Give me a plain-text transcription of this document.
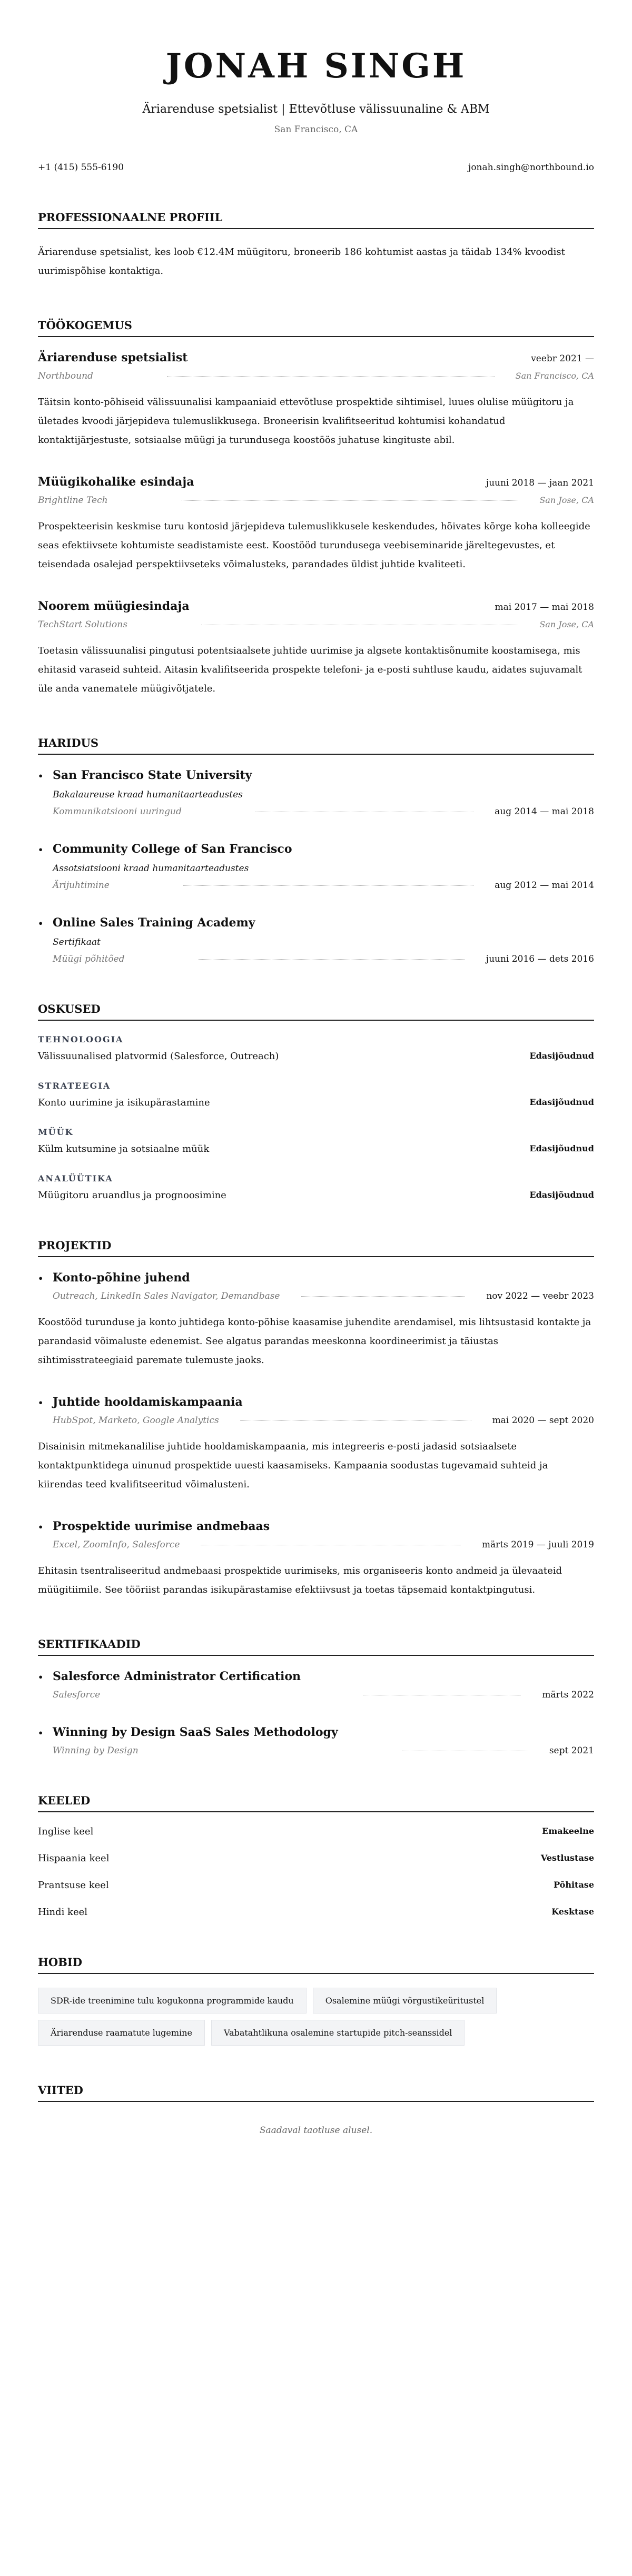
JONAH SINGH
Äriarenduse spetsialist | Ettevõtluse välissuunaline & ABM
San Francisco, CA
+1 (415) 555-6190	jonah.singh@northbound.io
PROFESSIONAALNE PROFIIL

Äriarenduse spetsialist, kes loob €12.4M müügitoru, broneerib 186 kohtumist aastas ja täidab 134% kvoodist uurimispõhise kontaktiga.

TÖÖKOGEMUS
Äriarenduse spetsialist	veebr 2021 —
Northbound	San Francisco, CA

Täitsin konto-põhiseid välissuunalisi kampaaniaid ettevõtluse prospektide sihtimisel, luues olulise müügitoru ja ületades kvoodi järjepideva tulemuslikkusega. Broneerisin kvalifitseeritud kohtumisi kohandatud kontaktijärjestuste, sotsiaalse müügi ja turundusega koostöös juhatuse kingituste abil.

Müügikohalike esindaja	juuni 2018 — jaan 2021
Brightline Tech	San Jose, CA

Prospekteerisin keskmise turu kontosid järjepideva tulemuslikkusele keskendudes, hõivates kõrge koha kolleegide seas efektiivsete kohtumiste seadistamiste eest. Koostööd turundusega veebiseminaride järeltegevustes, et teisendada osalejad perspektiivseteks võimalusteks, parandades üldist juhtide kvaliteeti.

Noorem müügiesindaja	mai 2017 — mai 2018
TechStart Solutions	San Jose, CA

Toetasin välissuunalisi pingutusi potentsiaalsete juhtide uurimise ja algsete kontaktisõnumite koostamisega, mis ehitasid varaseid suhteid. Aitasin kvalifitseerida prospekte telefoni- ja e-posti suhtluse kaudu, aidates sujuvamalt üle anda vanematele müügivõtjatele.

HARIDUS
• San Francisco State University
Bakalaureuse kraad humanitaarteadustes
Kommunikatsiooni uuringud	aug 2014 — mai 2018
• Community College of San Francisco
Assotsiatsiooni kraad humanitaarteadustes
Ärijuhtimine	aug 2012 — mai 2014
• Online Sales Training Academy
Sertifikaat
Müügi põhitõed	juuni 2016 — dets 2016
OSKUSED
TEHNOLOOGIA
Välissuunalised platvormid (Salesforce, Outreach)	Edasijõudnud
STRATEEGIA
Konto uurimine ja isikupärastamine	Edasijõudnud
MÜÜK
Külm kutsumine ja sotsiaalne müük	Edasijõudnud
ANALÜÜTIKA
Müügitoru aruandlus ja prognoosimine	Edasijõudnud
PROJEKTID
• Konto-põhine juhend
Outreach, LinkedIn Sales Navigator, Demandbase	nov 2022 — veebr 2023

Koostööd turunduse ja konto juhtidega konto-põhise kaasamise juhendite arendamisel, mis lihtsustasid kontakte ja parandasid võimaluste edenemist. See algatus parandas meeskonna koordineerimist ja täiustas sihtimisstrateegiaid paremate tulemuste jaoks.

• Juhtide hooldamiskampaania
HubSpot, Marketo, Google Analytics	mai 2020 — sept 2020

Disainisin mitmekanalilise juhtide hooldamiskampaania, mis integreeris e-posti jadasid sotsiaalsete kontaktpunktidega uinunud prospektide uuesti kaasamiseks. Kampaania soodustas tugevamaid suhteid ja kiirendas teed kvalifitseeritud võimalusteni.

• Prospektide uurimise andmebaas
Excel, ZoomInfo, Salesforce	märts 2019 — juuli 2019

Ehitasin tsentraliseeritud andmebaasi prospektide uurimiseks, mis organiseeris konto andmeid ja ülevaateid müügitiimile. See tööriist parandas isikupärastamise efektiivsust ja toetas täpsemaid kontaktpingutusi.

SERTIFIKAADID
• Salesforce Administrator Certification
Salesforce	märts 2022
• Winning by Design SaaS Sales Methodology
Winning by Design	sept 2021
KEELED
Inglise keel	Emakeelne
Hispaania keel	Vestlustase
Prantsuse keel	Põhitase
Hindi keel	Kesktase
HOBID
SDR-ide treenimine tulu kogukonna programmide kaudu	Osalemine müügi võrgustikeüritustel
Äriarenduse raamatute lugemine	Vabatahtlikuna osalemine startupide pitch-seanssidel
VIITED

Saadaval taotluse alusel.
